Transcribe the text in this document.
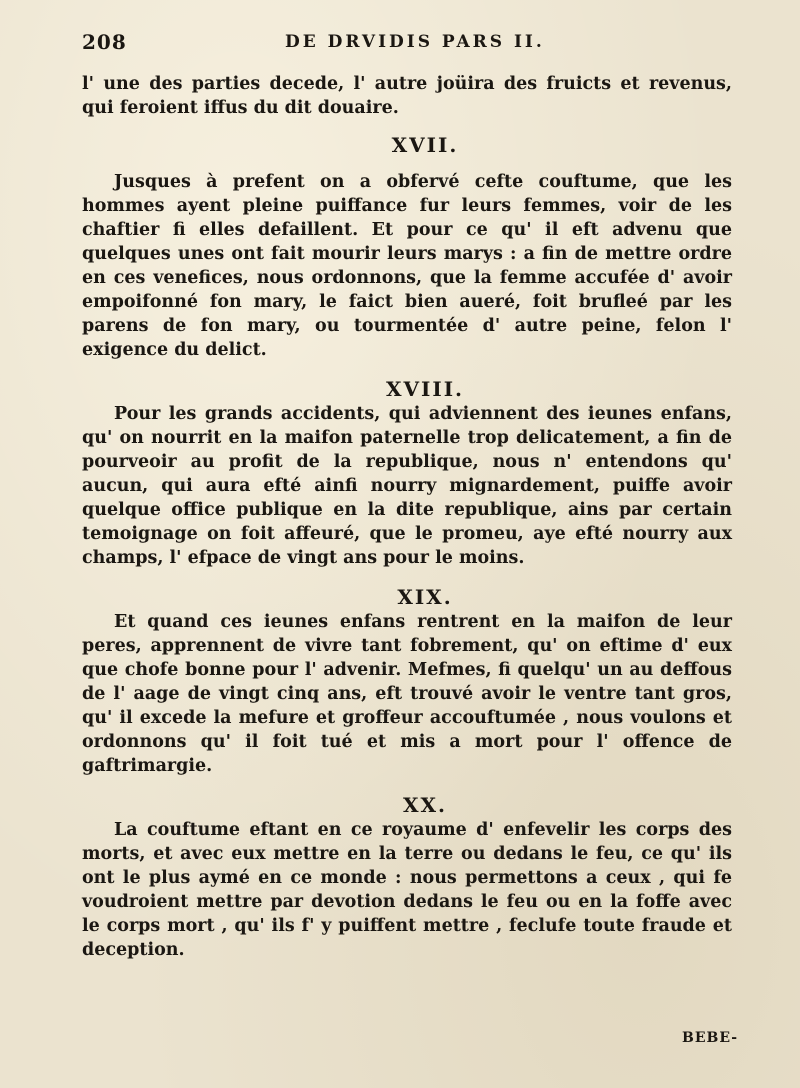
208	DE DRVIDIS PARS II.

l' une des parties decede, l' autre joüira des fruicts et revenus, qui feroient iffus du dit douaire.

XVII.

Jusques à prefent on a obfervé cefte couftume, que les hommes ayent pleine puiffance fur leurs femmes, voir de les chaftier fi elles defaillent. Et pour ce qu' il eft advenu que quelques unes ont fait mourir leurs marys : a fin de mettre ordre en ces venefices, nous ordonnons, que la femme accufée d' avoir empoifonné fon mary, le faict bien aueré, foit brufleé par les parens de fon mary, ou tourmentée d' autre peine, felon l' exigence du delict.

XVIII.

Pour les grands accidents, qui adviennent des ieunes enfans, qu' on nourrit en la maifon paternelle trop delicatement, a fin de pourveoir au profit de la republique, nous n' entendons qu' aucun, qui aura efté ainfi nourry mignardement, puiffe avoir quelque office publique en la dite republique, ains par certain temoignage on foit affeuré, que le promeu, aye efté nourry aux champs, l' efpace de vingt ans pour le moins.

XIX.

Et quand ces ieunes enfans rentrent en la maifon de leur peres, apprennent de vivre tant fobrement, qu' on eftime d' eux que chofe bonne pour l' advenir. Mefmes, fi quelqu' un au deffous de l' aage de vingt cinq ans, eft trouvé avoir le ventre tant gros, qu' il excede la mefure et groffeur accouftumée , nous voulons et ordonnons qu' il foit tué et mis a mort pour l' offence de gaftrimargie.

XX.

La couftume eftant en ce royaume d' enfevelir les corps des morts, et avec eux mettre en la terre ou dedans le feu, ce qu' ils ont le plus aymé en ce monde : nous permettons a ceux , qui fe voudroient mettre par devotion dedans le feu ou en la foffe avec le corps mort , qu' ils f' y puiffent mettre , feclufe toute fraude et deception.

BEBE-
